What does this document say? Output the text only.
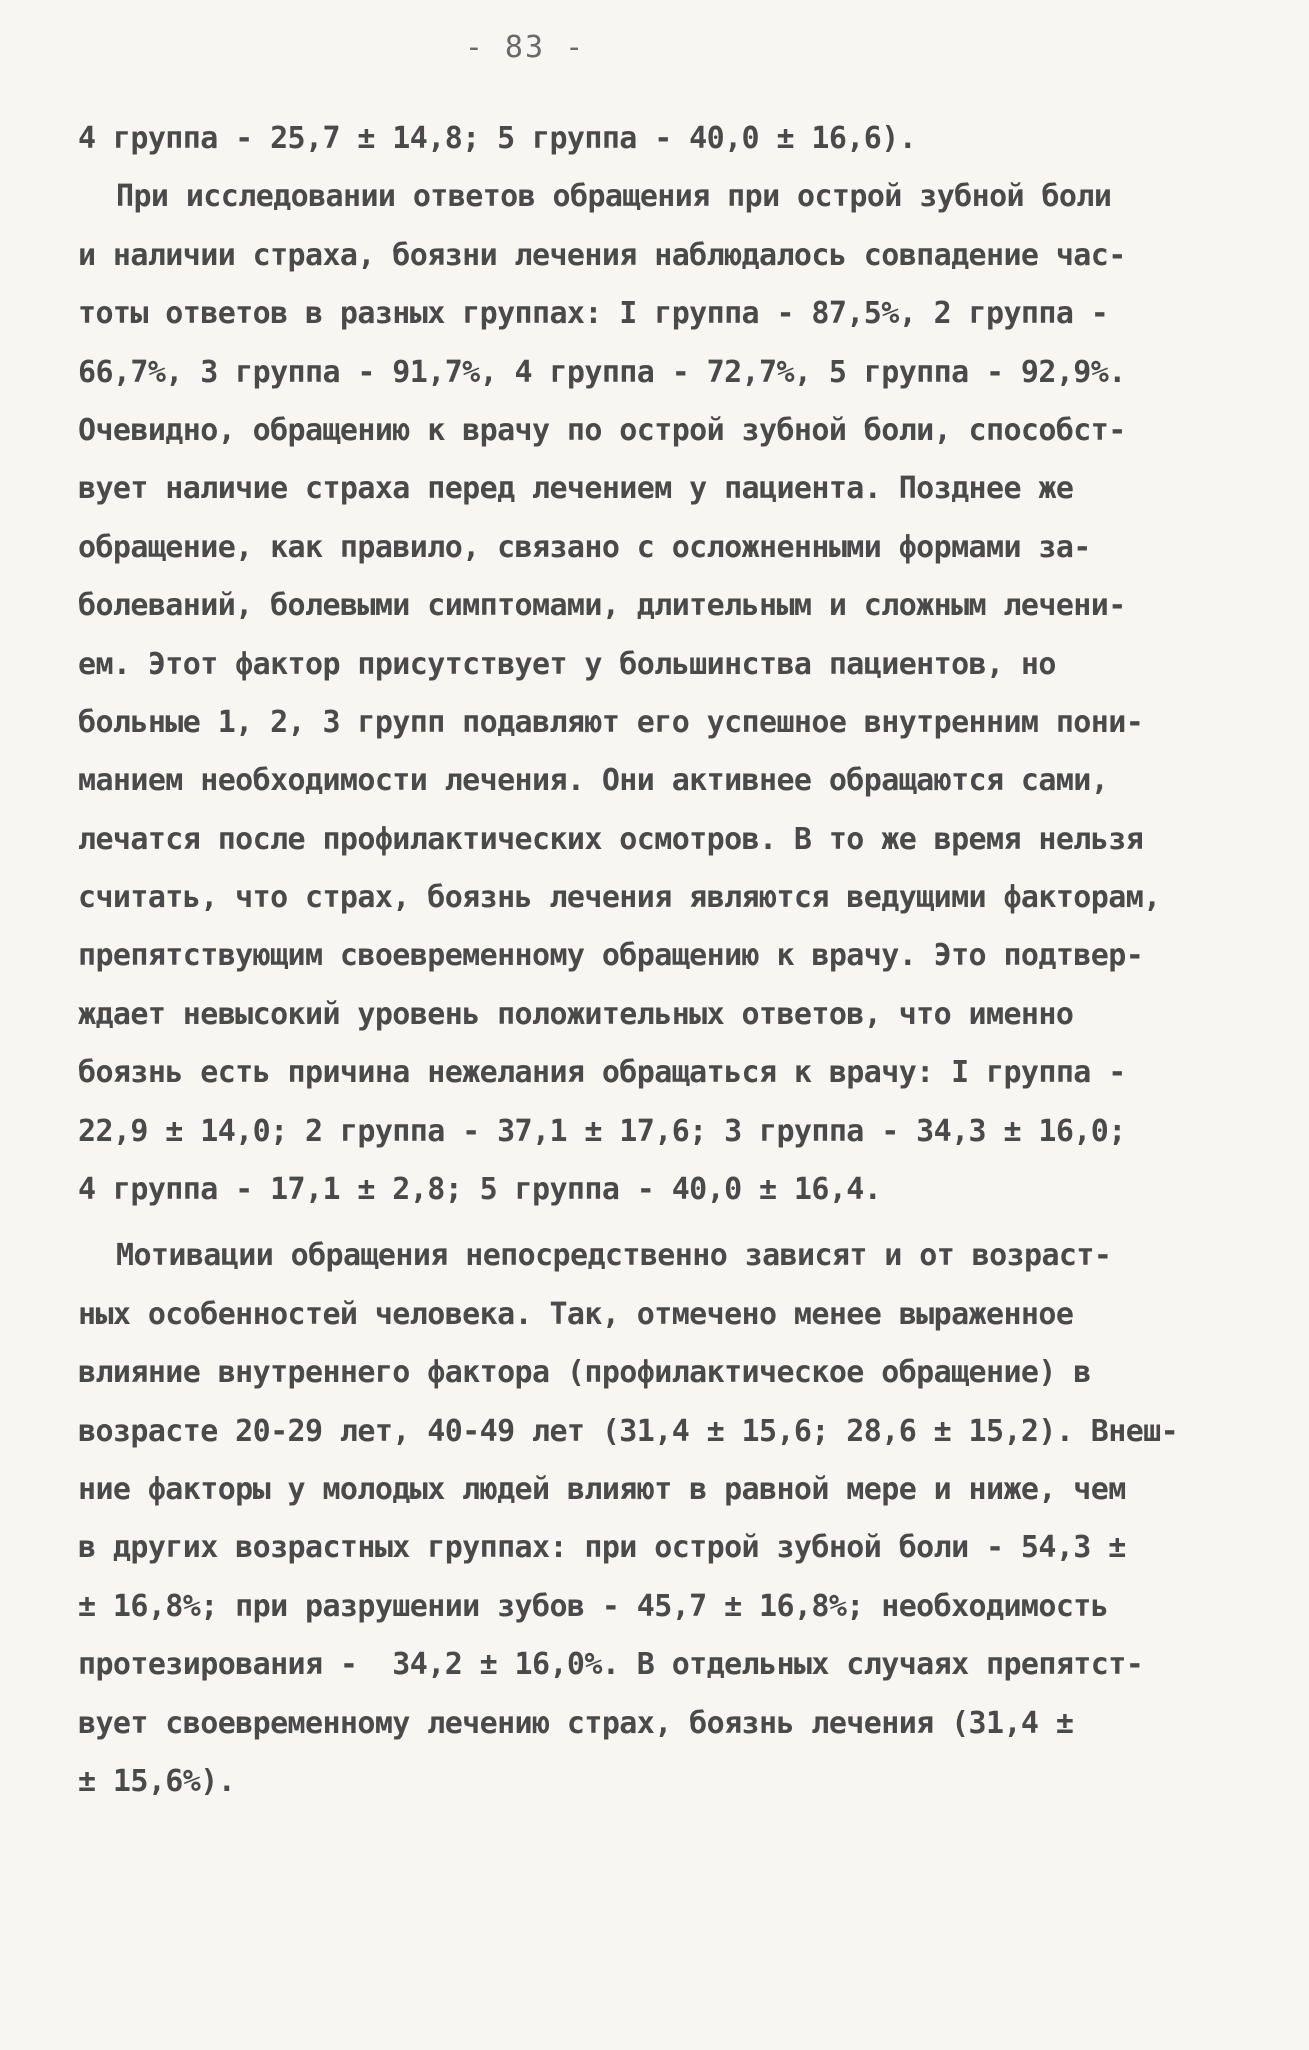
- 83 -
4 группа - 25,7 ± 14,8; 5 группа - 40,0 ± 16,6).
При исследовании ответов обращения при острой зубной боли
и наличии страха, боязни лечения наблюдалось совпадение час-
тоты ответов в разных группах: I группа - 87,5%, 2 группа -
66,7%, 3 группа - 91,7%, 4 группа - 72,7%, 5 группа - 92,9%.
Очевидно, обращению к врачу по острой зубной боли, способст-
вует наличие страха перед лечением у пациента. Позднее же
обращение, как правило, связано с осложненными формами за-
болеваний, болевыми симптомами, длительным и сложным лечени-
ем. Этот фактор присутствует у большинства пациентов, но
больные 1, 2, 3 групп подавляют его успешное внутренним пони-
манием необходимости лечения. Они активнее обращаются сами,
лечатся после профилактических осмотров. В то же время нельзя
считать, что страх, боязнь лечения являются ведущими факторам,
препятствующим своевременному обращению к врачу. Это подтвер-
ждает невысокий уровень положительных ответов, что именно
боязнь есть причина нежелания обращаться к врачу: I группа -
22,9 ± 14,0; 2 группа - 37,1 ± 17,6; 3 группа - 34,3 ± 16,0;
4 группа - 17,1 ± 2,8; 5 группа - 40,0 ± 16,4.
Мотивации обращения непосредственно зависят и от возраст-
ных особенностей человека. Так, отмечено менее выраженное
влияние внутреннего фактора (профилактическое обращение) в
возрасте 20-29 лет, 40-49 лет (31,4 ± 15,6; 28,6 ± 15,2). Внеш-
ние факторы у молодых людей влияют в равной мере и ниже, чем
в других возрастных группах: при острой зубной боли - 54,3 ±
± 16,8%; при разрушении зубов - 45,7 ± 16,8%; необходимость
протезирования -  34,2 ± 16,0%. В отдельных случаях препятст-
вует своевременному лечению страх, боязнь лечения (31,4 ±
± 15,6%).
